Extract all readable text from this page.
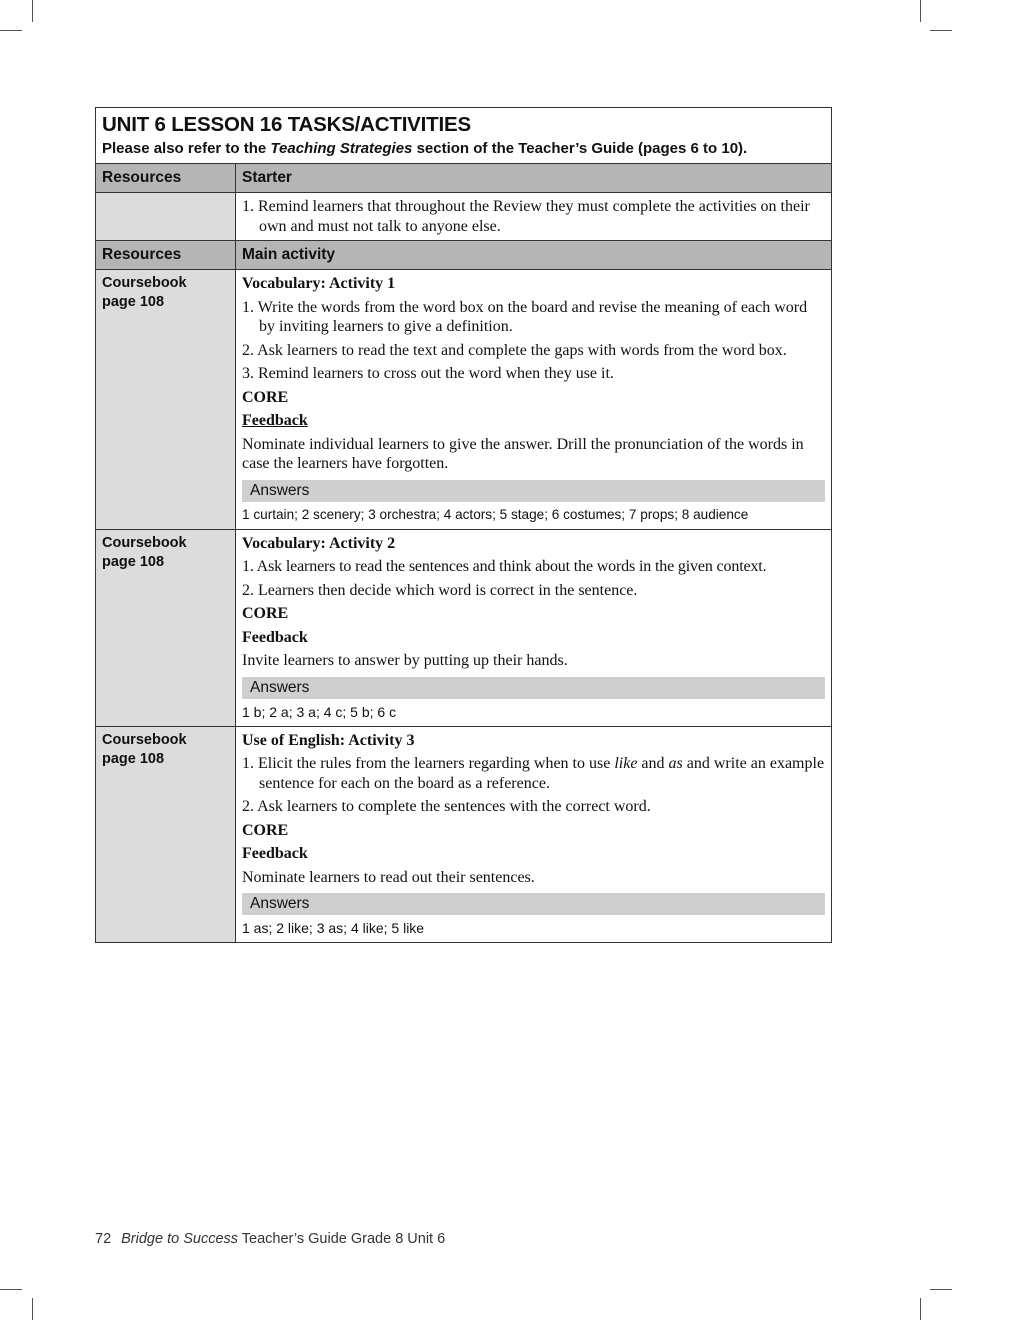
UNIT 6 LESSON 16 TASKS/ACTIVITIES
Please also refer to the Teaching Strategies section of the Teacher’s Guide (pages 6 to 10).
Resources	Starter
1. Remind learners that throughout the Review they must complete the activities on their own and must not talk to anyone else.
Resources	Main activity
Coursebook
page 108
Vocabulary: Activity 1
1. Write the words from the word box on the board and revise the meaning of each word by inviting learners to give a definition.
2. Ask learners to read the text and complete the gaps with words from the word box.
3. Remind learners to cross out the word when they use it.
CORE
Feedback
Nominate individual learners to give the answer. Drill the pronunciation of the words in case the learners have forgotten.
Answers
1 curtain; 2 scenery; 3 orchestra; 4 actors; 5 stage; 6 costumes; 7 props; 8 audience
Coursebook
page 108
Vocabulary: Activity 2
1. Ask learners to read the sentences and think about the words in the given context.
2. Learners then decide which word is correct in the sentence.
CORE
Feedback
Invite learners to answer by putting up their hands.
Answers
1 b; 2 a; 3 a; 4 c; 5 b; 6 c
Coursebook
page 108
Use of English: Activity 3
1. Elicit the rules from the learners regarding when to use like and as and write an example sentence for each on the board as a reference.
2. Ask learners to complete the sentences with the correct word.
CORE
Feedback
Nominate learners to read out their sentences.
Answers
1 as; 2 like; 3 as; 4 like; 5 like
72 Bridge to Success Teacher’s Guide Grade 8 Unit 6
